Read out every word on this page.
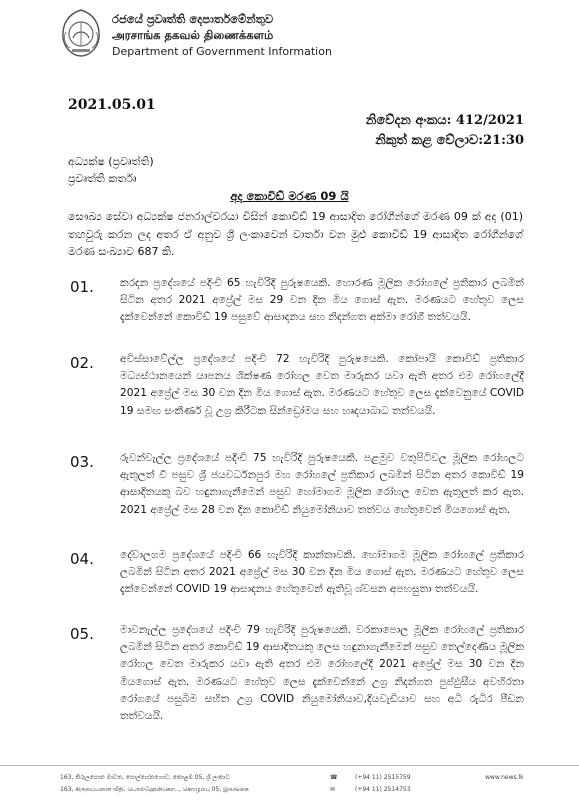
රජයේ ප්‍රවෘත්ති දෙපාර්තමේන්තුව
அரசாங்க தகவல் திணைக்களம்
Department of Government Information
2021.05.01
නිවේදන අංකය: 412/2021
නිකුත් කළ වේලාව:21:30
අධ්‍යක්ෂ (ප්‍රවෘත්ති)
ප්‍රවෘත්ති කර්තෘ
අද කොවිඩ් මරණ 09 යි
සෞඛ්‍ය සේවා අධ්‍යක්ෂ ජනරාල්වරයා විසින් කොවිඩ් 19 ආසාදිත රෝගීන්ගේ මරණ 09 ක් අද (01) තහවුරු කරන ලද අතර ඒ අනුව ශ්‍රී ලංකාවෙන් වාර්තා වන මුළු කොවිඩ් 19 ආසාදිත රෝගීන්ගේ මරණ සංඛ්‍යාව 687 කි.
01. කරදන ප්‍රදේශයේ පදිංචි 65 හැවිරිදි පුරුෂයෙකි. හොරණ මූලික රෝහලේ ප්‍රතිකාර ලබමින් සිටින අතර 2021 අප්‍රේල් මස 29 වන දින මිය ගොස් ඇත. මරණයට හේතුව ලෙස දැක්වෙන්නේ කොවිඩ් 19 පසුවේ ආසාදනය සහ නිදන්ගත අක්මා රෝගී තත්වයයි.
02. අවිස්සාවේල්ල ප්‍රදේශයේ පදිංචි 72 හැවිරිදි පුරුෂයෙකි. කෝපායි කොවිඩ් ප්‍රතිකාර මධ්‍යස්ථානයෙන් යාපනය ශික්ෂණ රෝහල වෙත මාරුකර යවා ඇති අතර එම රෝහලේදී 2021 අප්‍රේල් මස 30 වන දින මිය ගොස් ඇත. මරණයට හේතුව ලෙස දැක්වෙනුයේ COVID 19 සමඟ සංකීර්ණ වූ උග්‍ර කිරීටක සින්ඩ්‍රෝමය සහ හෘදයාබාධ තත්වයයි.
03. රුවන්වැල්ල ප්‍රදේශයේ පදිංචි 75 හැවිරිදි පුරුෂයෙකි. පළමුව වතුපිටිවල මූලික රෝහලට ඇතුලත් වී පසුව ශ්‍රී ජයවර්ධනපුර මහ රෝහලේ ප්‍රතිකාර ලබමින් සිටින අතර කොවිඩ් 19 ආසාදිතයකු බව හඳුනාගැනීමෙන් පසුව හෝමාගම මූලික රෝහල වෙත ඇතුලත් කර ඇත. 2021 අප්‍රේල් මස 28 වන දින කොවිඩ් නියුමෝනියාව තත්වය හේතුවෙන් මියගොස් ඇත.
04. දේවාලගම ප්‍රදේශයේ පදිංචි 66 හැවිරිදි කාන්තාවකි. හෝමාගම මූලික රෝහලේ ප්‍රතිකාර ලබමින් සිටින අතර 2021 අප්‍රේල් මස 30 වන දින මිය ගොස් ඇත. මරණයට හේතුව ලෙස දැක්වෙන්නේ COVID 19 ආසාදනය හේතුවෙන් ඇතිවූ ශ්වසන අපහසුතා තත්වයයි.
05. මාවනැල්ල ප්‍රදේශයේ පදිංචි 79 හැවිරිදි පුරුෂයෙකි. වරකාපොල මූලික රෝහලේ ප්‍රතිකාර ලබමින් සිටින අතර කොවිඩ් 19 ආසාදිතයකු ලෙස හඳුනාගැනීමෙන් පසුව තෙල්දෙණිය මූලික රෝහල වෙත මාරුකර යවා ඇති අතර එම රෝහලේදී 2021 අප්‍රේල් මස 30 වන දින මියගොස් ඇත. මරණයට හේතුව ලෙස දැක්වෙන්නේ උග්‍ර නිදන්ගත පුප්ඵුසීය අවහිරතා රෝගයේ පසුබිම සහිත උග්‍ර COVID නියුමෝනියාව,දියවැඩියාව සහ අධි රුධිර පීඩන තත්වයයි.
163, කිරුලපොන මාවත, පොල්හේනගොඩ, කොළඹ 05, ශ්‍රී ලංකාව
163, கிருலப்பனை வீதி, பொல்ஹேன்கொட, கொழும்பு 05, இலங்கை
☎	(+94 11) 2515759
✉	(+94 11) 2514753
www.news.lk
